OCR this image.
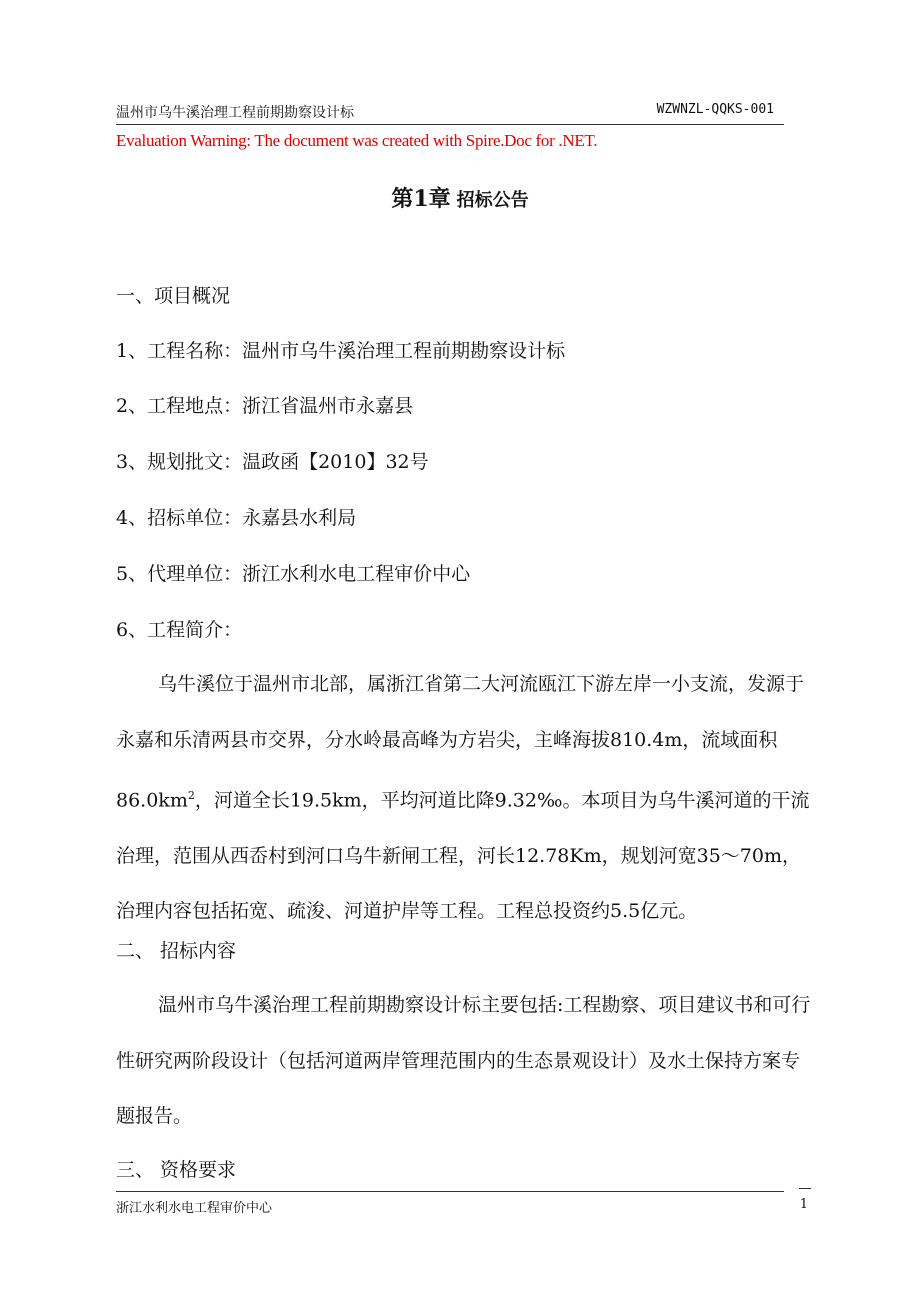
温州市乌牛溪治理工程前期勘察设计标	WZWNZL-QQKS-001
Evaluation Warning: The document was created with Spire.Doc for .NET.
第1章 招标公告
一、项目概况
1、工程名称：温州市乌牛溪治理工程前期勘察设计标
2、工程地点：浙江省温州市永嘉县
3、规划批文：温政函【2010】32号
4、招标单位：永嘉县水利局
5、代理单位：浙江水利水电工程审价中心
6、工程简介：
乌牛溪位于温州市北部，属浙江省第二大河流瓯江下游左岸一小支流，发源于永嘉和乐清两县市交界，分水岭最高峰为方岩尖，主峰海拔810.4m，流域面积$86.0km^2$，河道全长19.5km，平均河道比降9.32‰。本项目为乌牛溪河道的干流治理，范围从西岙村到河口乌牛新闸工程，河长12.78Km，规划河宽35～70m，治理内容包括拓宽、疏浚、河道护岸等工程。工程总投资约5.5亿元。
二、 招标内容
温州市乌牛溪治理工程前期勘察设计标主要包括:工程勘察、项目建议书和可行性研究两阶段设计（包括河道两岸管理范围内的生态景观设计）及水土保持方案专题报告。
三、 资格要求
浙江水利水电工程审价中心	1
